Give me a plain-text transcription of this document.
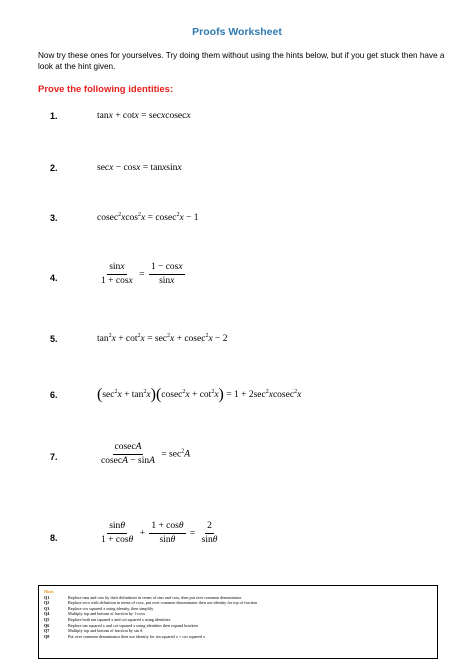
Proofs Worksheet
Now try these ones for yourselves. Try doing them without using the hints below, but if you get stuck then have a look at the hint given.
Prove the following identities:
1.	tanx + cotx = secxcosecx
2.	secx − cosx = tanxsinx
3.	cosec$^2$xcos$^2$x = cosec$^2$x − 1
4.	$\frac{\sin x}{1 + \cos x} = \frac{1 - \cos x}{\sin x}$
5.	$\tan^2x + \cot^2x = \sec^2x + cosec^2x - 2$
6. $(\sec^2x + \tan^2x)(cosec^2x + \cot^2x) = 1 + 2\sec^2xcosec^2x$
7.	$\frac{cosecA}{cosecA - \sin A} = \sec^2A$
8.	$\frac{\sin\theta}{1 + \cos\theta} + \frac{1 + \cos\theta}{\sin\theta} = \frac{2}{\sin\theta}$
Hints
Q1	Replace tans and cots by their definitions in terms of sins and coss, then put over common denominator
Q2	Replace secx with definition in terms of cosx, put over common denominator then use identity for top of fraction
Q3	Replace cos squared x using identity, then simplify
Q4	Multiply top and bottom of fraction by 1-cosx
Q5	Replace both tan squared x and cot squared x using identities
Q6	Replace tan squared x and cot squared x using identities then expand brackets
Q7	Multiply top and bottom of fraction by sin A
Q8	Put over common denominator then use identity for sin squared x + cos squared x
